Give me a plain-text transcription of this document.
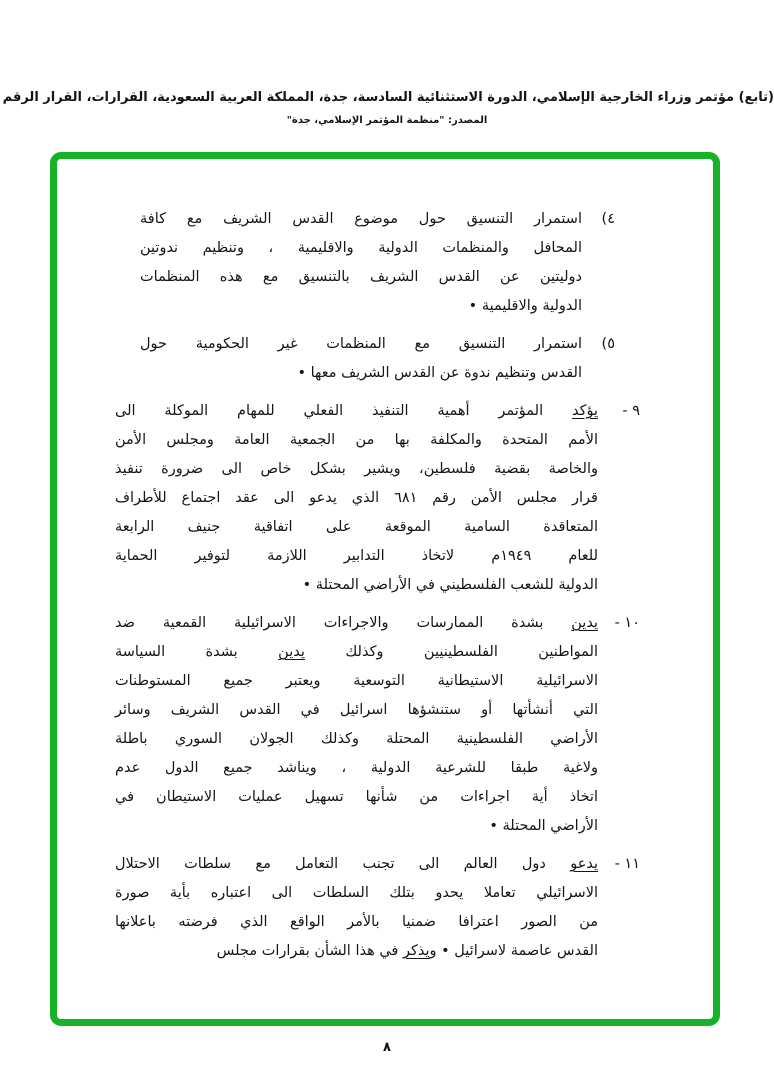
(تابع) مؤتمر وزراء الخارجية الإسلامي، الدورة الاستثنائية السادسة، جدة، المملكة العربية السعودية، القرارات، القرار الرقم
المصدر: "منظمة المؤتمر الإسلامي، جدة"
٤)
استمرار التنسيق حول موضوع القدس الشريف مع كافة
المحافل والمنظمات الدولية والاقليمية ، وتنظيم ندوتين
دوليتين عن القدس الشريف بالتنسيق مع هذه المنظمات
الدولية والاقليمية •
٥)
استمرار التنسيق مع المنظمات غير الحكومية حول
القدس وتنظيم ندوة عن القدس الشريف معها •
٩ -
يؤكد المؤتمر أهمية التنفيذ الفعلي للمهام الموكلة الى
الأمم المتحدة والمكلفة بها من الجمعية العامة ومجلس الأمن
والخاصة بقضية فلسطين، ويشير بشكل خاص الى ضرورة تنفيذ
قرار مجلس الأمن رقم ٦٨١ الذي يدعو الى عقد اجتماع للأطراف
المتعاقدة السامية الموقعة على اتفاقية جنيف الرابعة
للعام ١٩٤٩م لاتخاذ التدابير اللازمة لتوفير الحماية
الدولية للشعب الفلسطيني في الأراضي المحتلة •
١٠ -
يدين بشدة الممارسات والاجراءات الاسرائيلية القمعية ضد
المواطنين الفلسطينيين وكذلك يدين بشدة السياسة
الاسرائيلية الاستيطانية التوسعية ويعتبر جميع المستوطنات
التي أنشأتها أو ستنشؤها اسرائيل في القدس الشريف وسائر
الأراضي الفلسطينية المحتلة وكذلك الجولان السوري باطلة
ولاغية طبقا للشرعية الدولية ، ويناشد جميع الدول عدم
اتخاذ أية اجراءات من شأنها تسهيل عمليات الاستيطان في
الأراضي المحتلة •
١١ -
يدعو دول العالم الى تجنب التعامل مع سلطات الاحتلال
الاسرائيلي تعاملا يحدو بتلك السلطات الى اعتباره بأية صورة
من الصور اعترافا ضمنيا بالأمر الواقع الذي فرضته باعلانها
القدس عاصمة لاسرائيل • ويذكر في هذا الشأن بقرارات مجلس
٨
